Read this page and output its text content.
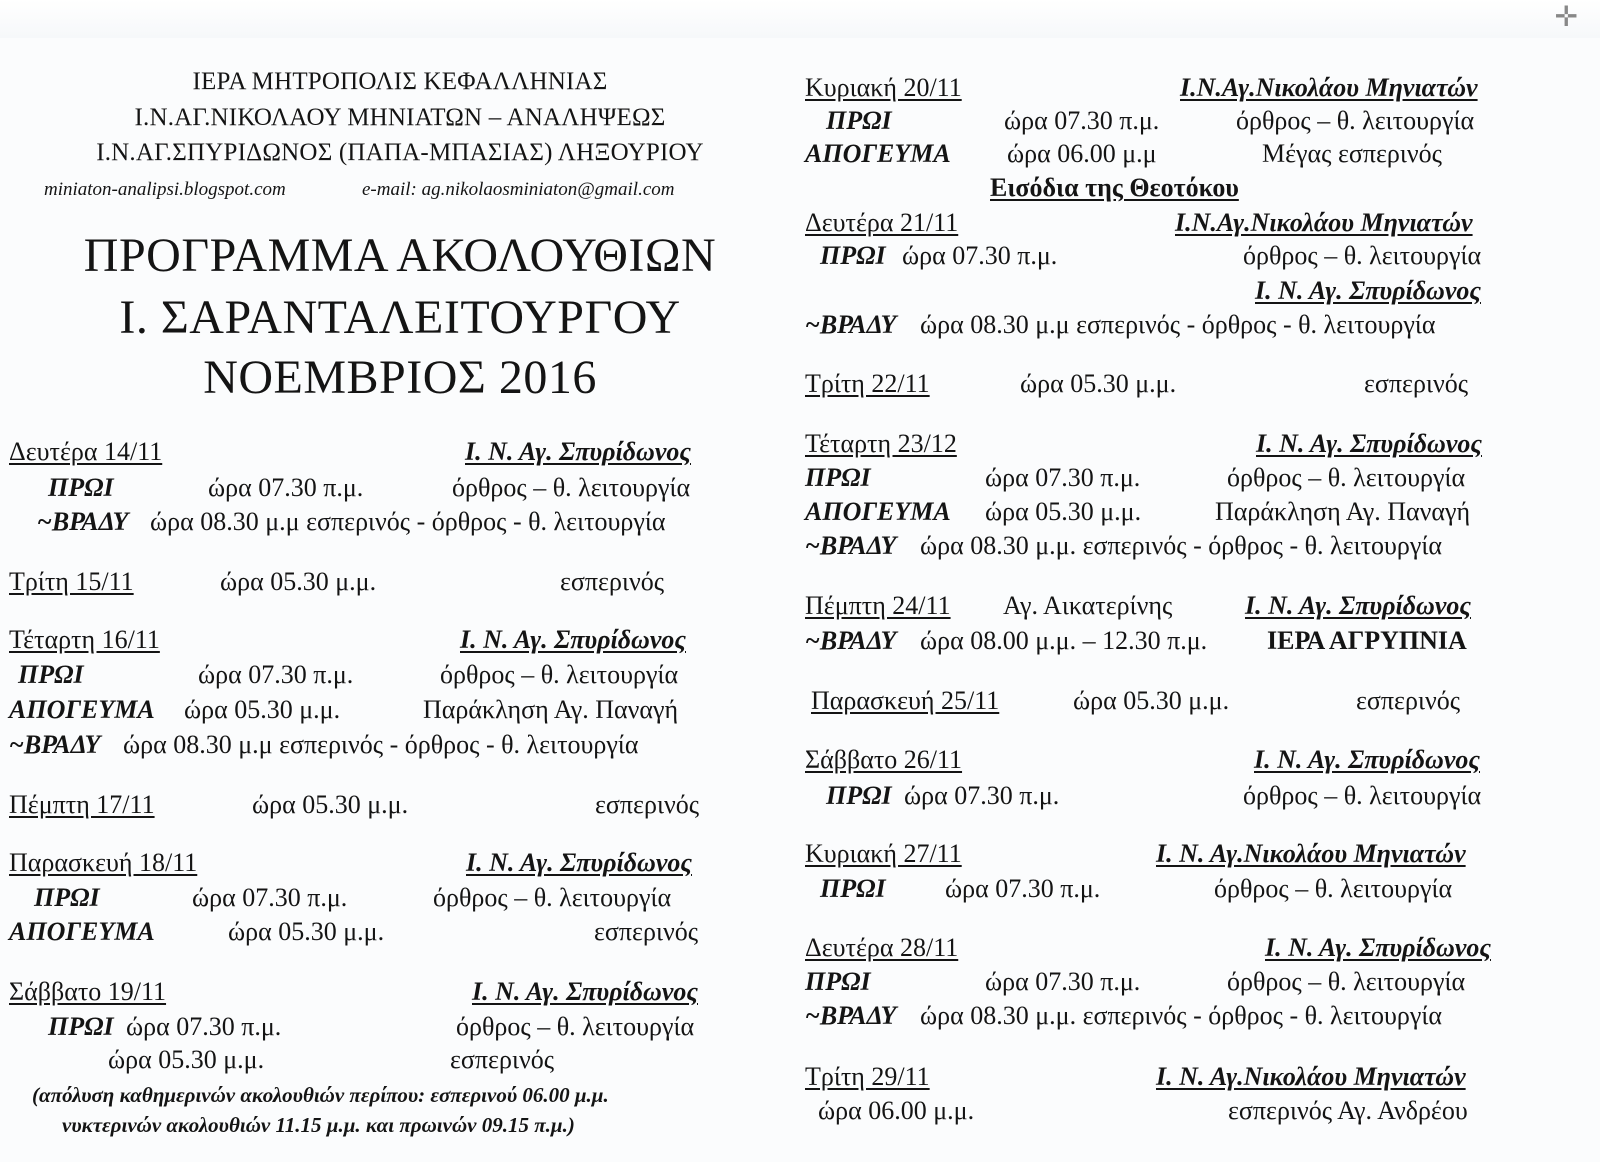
✛
ΙΕΡΑ ΜΗΤΡΟΠΟΛΙΣ ΚΕΦΑΛΛΗΝΙΑΣ
Ι.Ν.ΑΓ.ΝΙΚΟΛΑΟΥ ΜΗΝΙΑΤΩΝ – ΑΝΑΛΗΨΕΩΣ
Ι.Ν.ΑΓ.ΣΠΥΡΙΔΩΝΟΣ (ΠΑΠΑ-ΜΠΑΣΙΑΣ) ΛΗΞΟΥΡΙΟΥ
miniaton-analipsi.blogspot.com	e-mail: ag.nikolaosminiaton@gmail.com
ΠΡΟΓΡΑΜΜΑ ΑΚΟΛΟΥΘΙΩΝ
Ι. ΣΑΡΑΝΤΑΛΕΙΤΟΥΡΓΟΥ
ΝΟΕΜΒΡΙΟΣ 2016
Δευτέρα 14/11	Ι. Ν. Αγ. Σπυρίδωνος
ΠΡΩΙ	ώρα 07.30 π.μ.	όρθρος – θ. λειτουργία
~ΒΡΑΔΥ ώρα 08.30 μ.μ εσπερινός - όρθρος - θ. λειτουργία
Τρίτη 15/11	ώρα 05.30 μ.μ.	εσπερινός
Τέταρτη 16/11	Ι. Ν. Αγ. Σπυρίδωνος
ΠΡΩΙ	ώρα 07.30 π.μ.	όρθρος – θ. λειτουργία
ΑΠΟΓΕΥΜΑ ώρα 05.30 μ.μ.	Παράκληση Αγ. Παναγή
~ΒΡΑΔΥ ώρα 08.30 μ.μ εσπερινός - όρθρος - θ. λειτουργία
Πέμπτη 17/11	ώρα 05.30 μ.μ.	εσπερινός
Παρασκευή 18/11	Ι. Ν. Αγ. Σπυρίδωνος
ΠΡΩΙ	ώρα 07.30 π.μ.	όρθρος – θ. λειτουργία
ΑΠΟΓΕΥΜΑ	ώρα 05.30 μ.μ.	εσπερινός
Σάββατο 19/11	Ι. Ν. Αγ. Σπυρίδωνος
ΠΡΩΙ ώρα 07.30 π.μ.	όρθρος – θ. λειτουργία
ώρα 05.30 μ.μ.	εσπερινός
(απόλυση καθημερινών ακολουθιών περίπου: εσπερινού 06.00 μ.μ.
νυκτερινών ακολουθιών 11.15 μ.μ. και πρωινών 09.15 π.μ.)
Κυριακή 20/11	Ι.Ν.Αγ.Νικολάου Μηνιατών
ΠΡΩΙ	ώρα 07.30 π.μ.	όρθρος – θ. λειτουργία
ΑΠΟΓΕΥΜΑ ώρα 06.00 μ.μ	Μέγας εσπερινός
Εισόδια της Θεοτόκου
Δευτέρα 21/11	Ι.Ν.Αγ.Νικολάου Μηνιατών
ΠΡΩΙ ώρα 07.30 π.μ.	όρθρος – θ. λειτουργία
Ι. Ν. Αγ. Σπυρίδωνος
~ΒΡΑΔΥ ώρα 08.30 μ.μ εσπερινός - όρθρος - θ. λειτουργία
Τρίτη 22/11	ώρα 05.30 μ.μ.	εσπερινός
Τέταρτη 23/12	Ι. Ν. Αγ. Σπυρίδωνος
ΠΡΩΙ	ώρα 07.30 π.μ.	όρθρος – θ. λειτουργία
ΑΠΟΓΕΥΜΑ ώρα 05.30 μ.μ.	Παράκληση Αγ. Παναγή
~ΒΡΑΔΥ ώρα 08.30 μ.μ. εσπερινός - όρθρος - θ. λειτουργία
Πέμπτη 24/11 Αγ. Αικατερίνης	Ι. Ν. Αγ. Σπυρίδωνος
~ΒΡΑΔΥ ώρα 08.00 μ.μ. – 12.30 π.μ. ΙΕΡΑ ΑΓΡΥΠΝΙΑ
Παρασκευή 25/11	ώρα 05.30 μ.μ.	εσπερινός
Σάββατο 26/11	Ι. Ν. Αγ. Σπυρίδωνος
ΠΡΩΙ ώρα 07.30 π.μ.	όρθρος – θ. λειτουργία
Κυριακή 27/11	Ι. Ν. Αγ.Νικολάου Μηνιατών
ΠΡΩΙ ώρα 07.30 π.μ.	όρθρος – θ. λειτουργία
Δευτέρα 28/11	Ι. Ν. Αγ. Σπυρίδωνος
ΠΡΩΙ	ώρα 07.30 π.μ.	όρθρος – θ. λειτουργία
~ΒΡΑΔΥ ώρα 08.30 μ.μ. εσπερινός - όρθρος - θ. λειτουργία
Τρίτη 29/11	Ι. Ν. Αγ.Νικολάου Μηνιατών
ώρα 06.00 μ.μ.	εσπερινός Αγ. Ανδρέου
